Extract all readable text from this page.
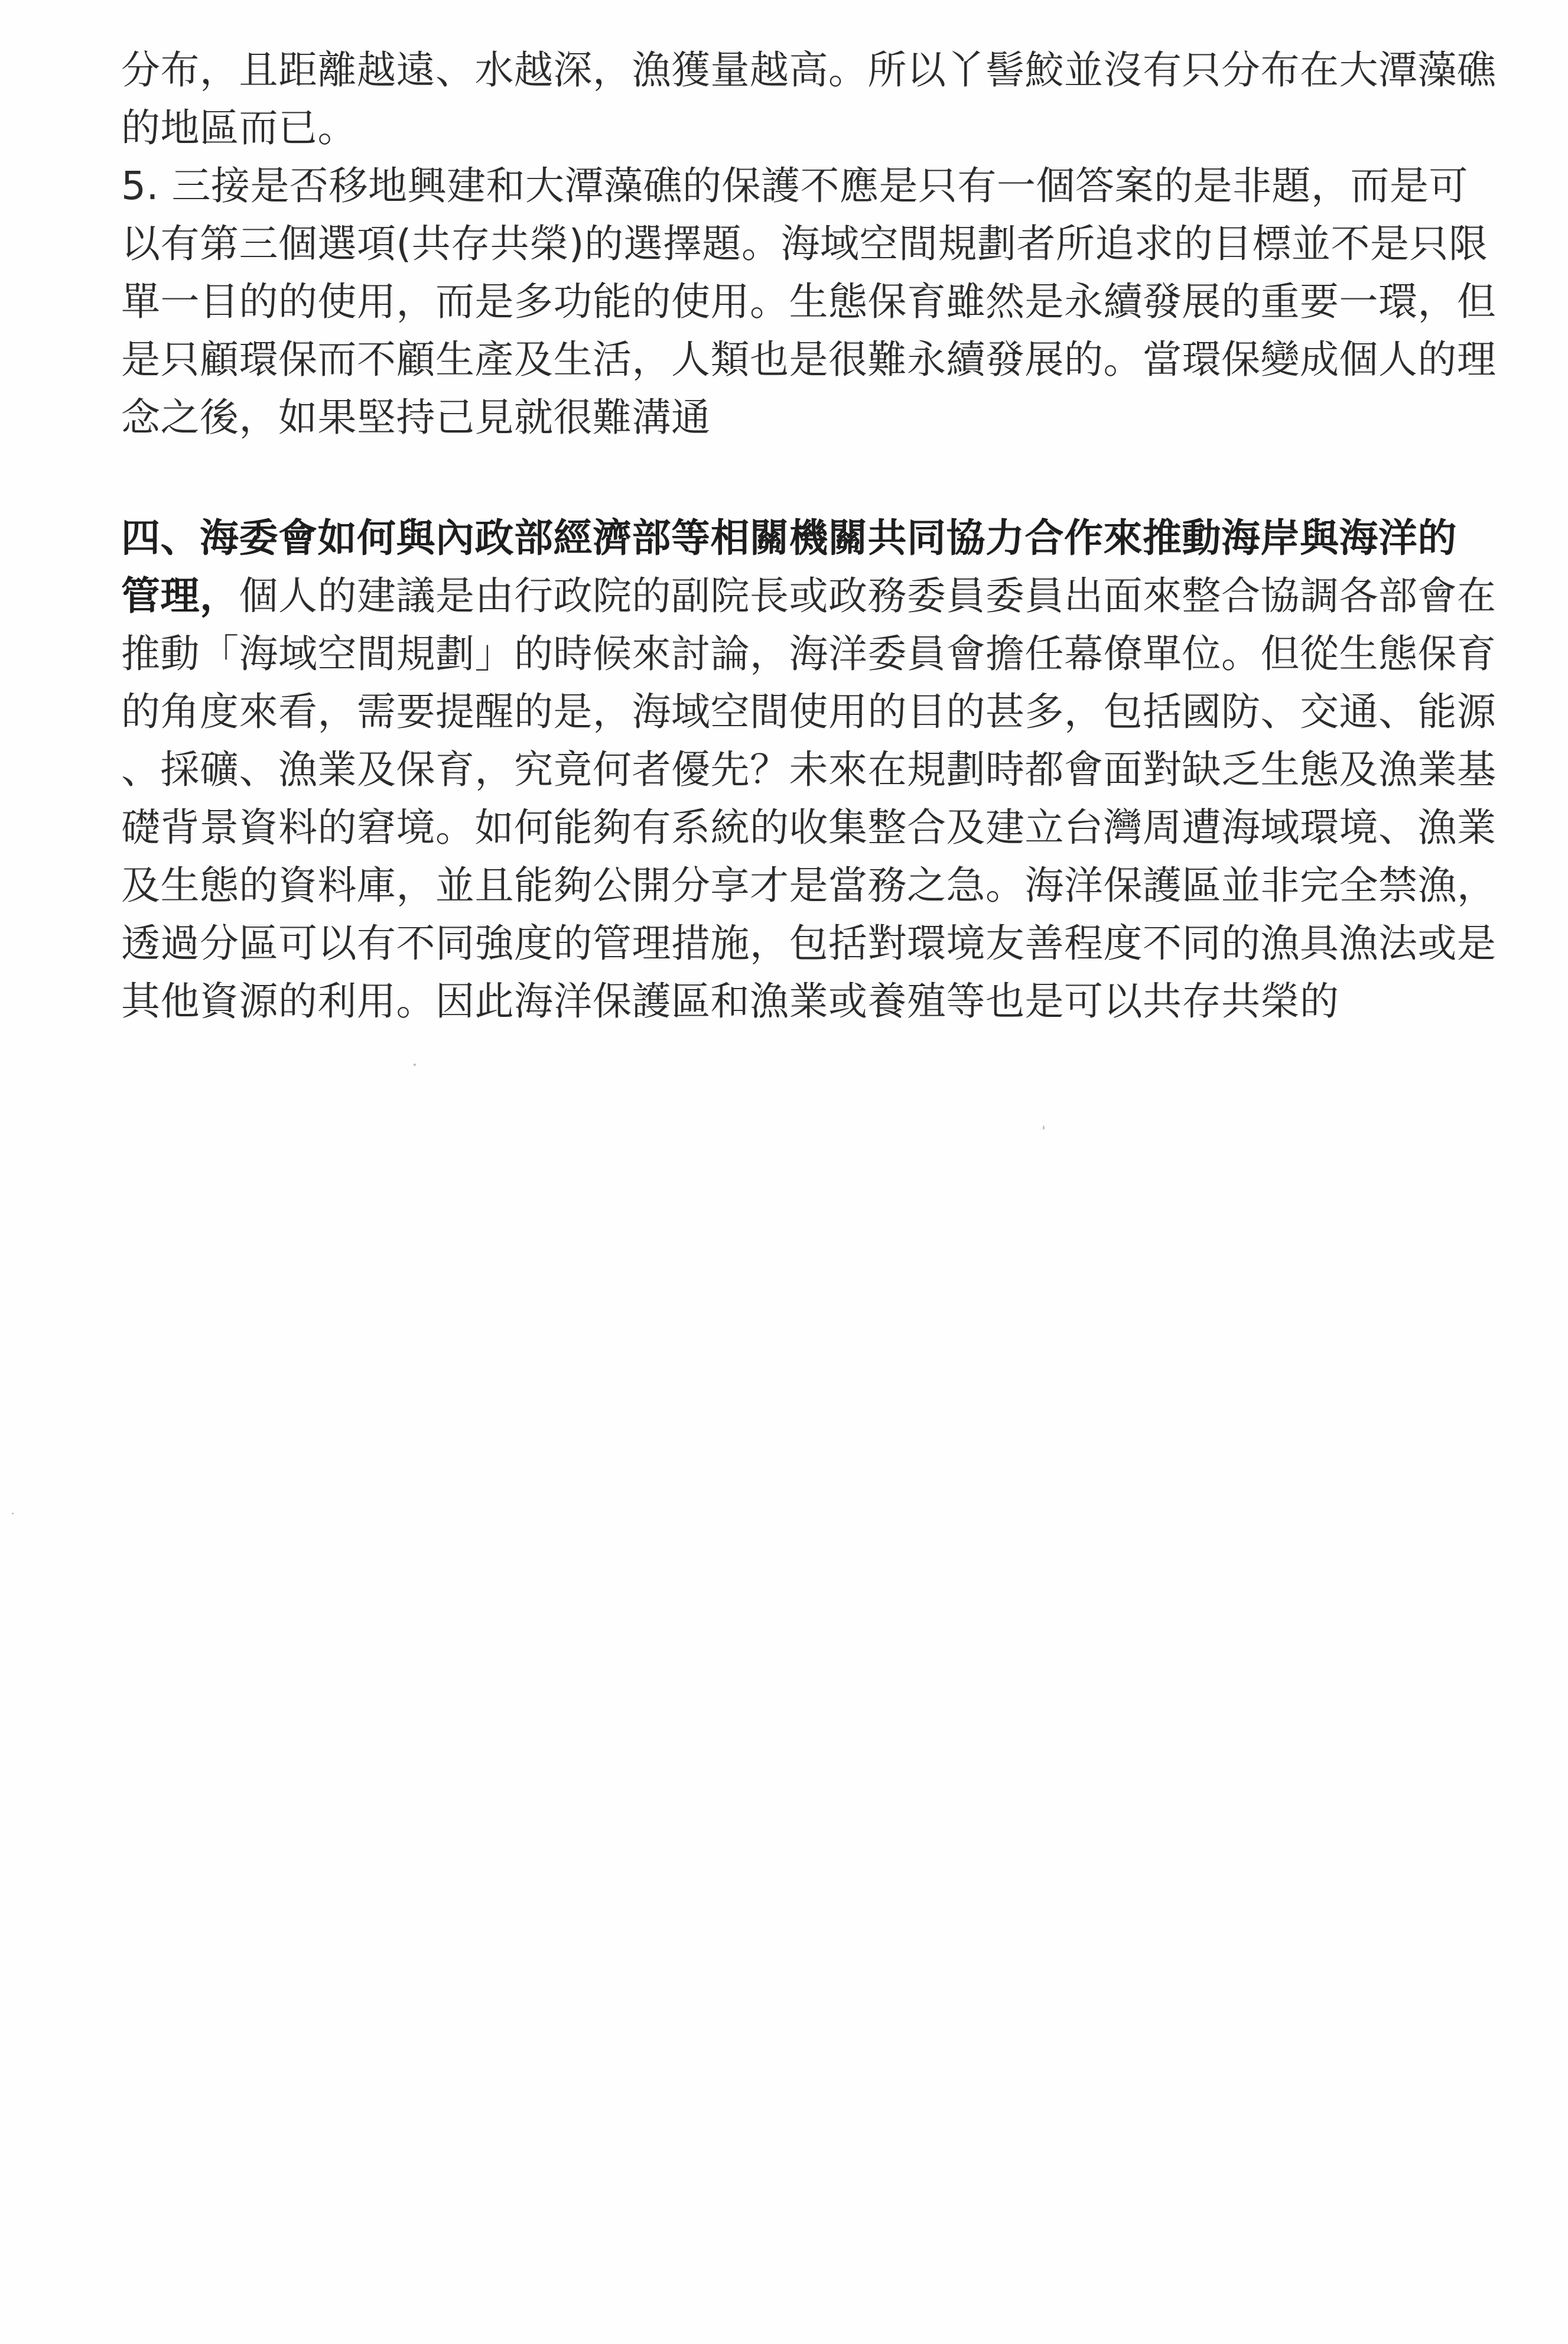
分布，且距離越遠、水越深，漁獲量越高。所以丫髻鮫並沒有只分布在大潭藻礁
的地區而已。
5. 三接是否移地興建和大潭藻礁的保護不應是只有一個答案的是非題，而是可
以有第三個選項(共存共榮)的選擇題。海域空間規劃者所追求的目標並不是只限
單一目的的使用，而是多功能的使用。生態保育雖然是永續發展的重要一環，但
是只顧環保而不顧生產及生活，人類也是很難永續發展的。當環保變成個人的理
念之後，如果堅持己見就很難溝通
四、海委會如何與內政部經濟部等相關機關共同協力合作來推動海岸與海洋的
管理，個人的建議是由行政院的副院長或政務委員委員出面來整合協調各部會在
推動「海域空間規劃」的時候來討論，海洋委員會擔任幕僚單位。但從生態保育
的角度來看，需要提醒的是，海域空間使用的目的甚多，包括國防、交通、能源
、採礦、漁業及保育，究竟何者優先？未來在規劃時都會面對缺乏生態及漁業基
礎背景資料的窘境。如何能夠有系統的收集整合及建立台灣周遭海域環境、漁業
及生態的資料庫，並且能夠公開分享才是當務之急。海洋保護區並非完全禁漁，
透過分區可以有不同強度的管理措施，包括對環境友善程度不同的漁具漁法或是
其他資源的利用。因此海洋保護區和漁業或養殖等也是可以共存共榮的
